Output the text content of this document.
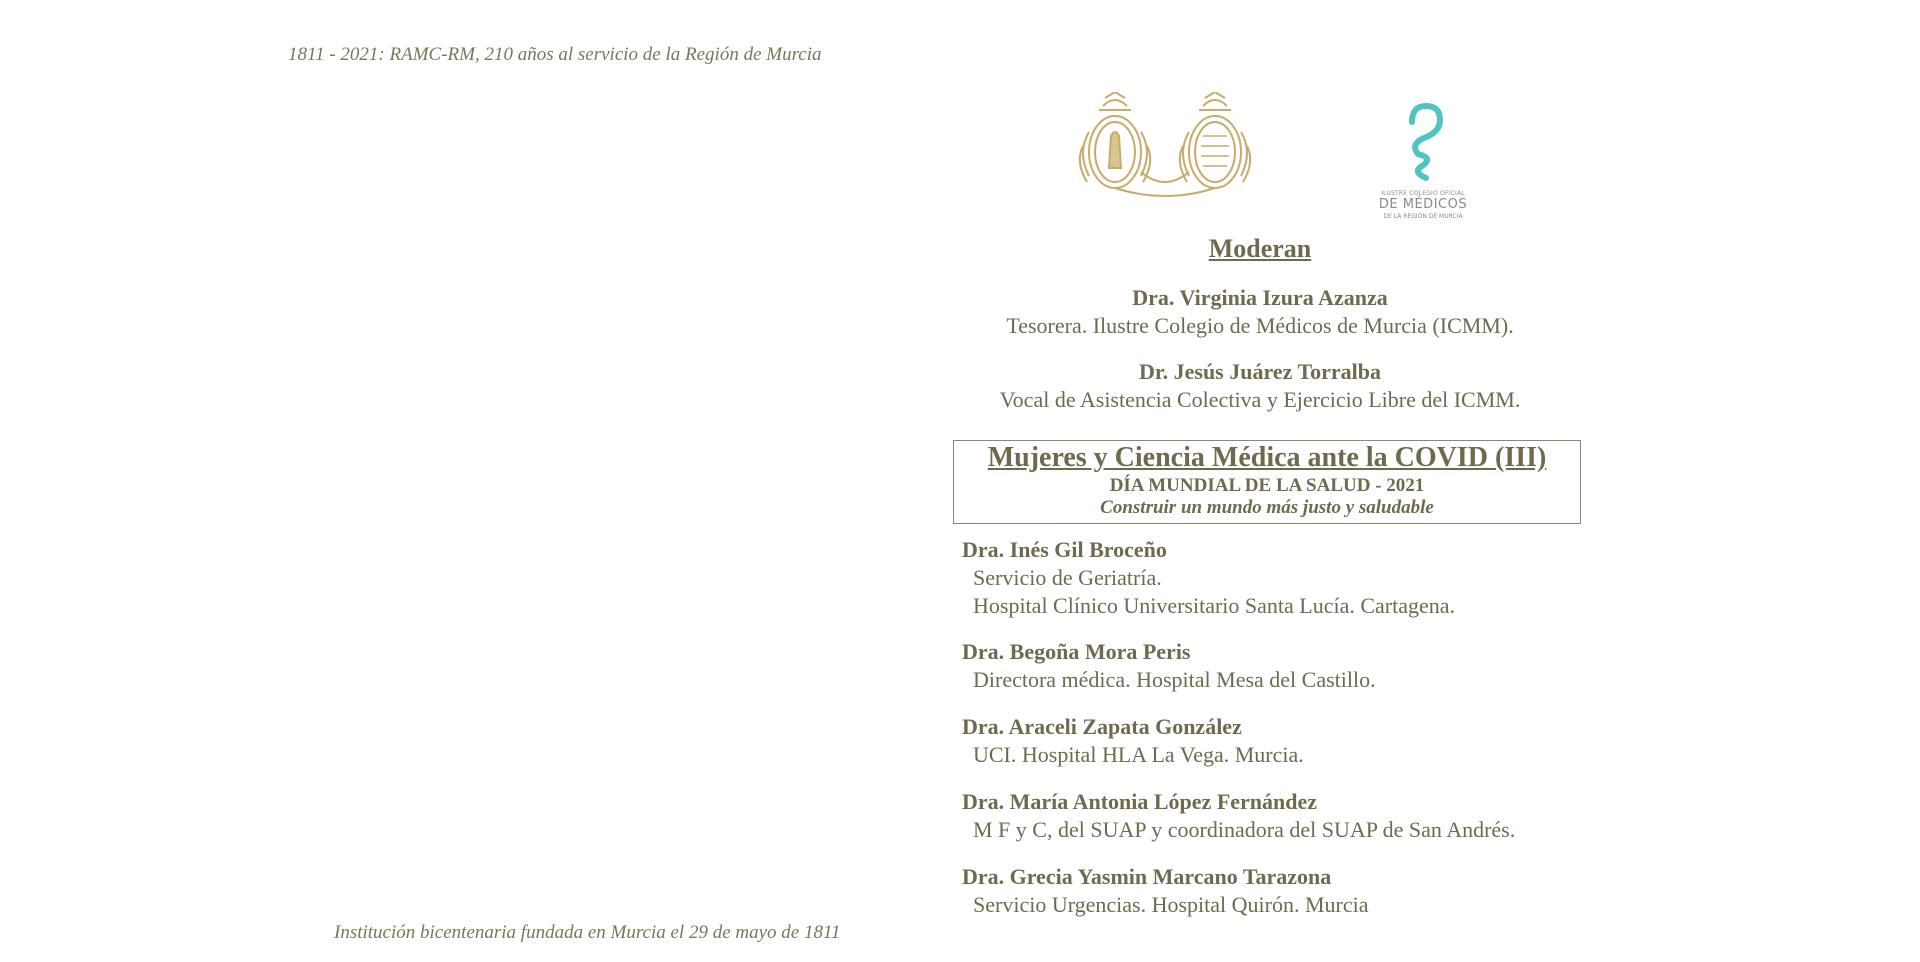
1811 - 2021: RAMC-RM, 210 años al servicio de la Región de Murcia
ILUSTRE COLEGIO OFICIAL
DE MÉDICOS
DE LA REGIÓN DE MURCIA
Moderan
Dra. Virginia Izura Azanza
Tesorera. Ilustre Colegio de Médicos de Murcia (ICMM).
Dr. Jesús Juárez Torralba
Vocal de Asistencia Colectiva y Ejercicio Libre del ICMM.
Mujeres y Ciencia Médica ante la COVID (III)
DÍA MUNDIAL DE LA SALUD - 2021
Construir un mundo más justo y saludable
Dra. Inés Gil Broceño
Servicio de Geriatría.
Hospital Clínico Universitario Santa Lucía. Cartagena.
Dra. Begoña Mora Peris
Directora médica. Hospital Mesa del Castillo.
Dra. Araceli Zapata González
UCI. Hospital HLA La Vega. Murcia.
Dra. María Antonia López Fernández
M F y C, del SUAP y coordinadora del SUAP de San Andrés.
Dra. Grecia Yasmin Marcano Tarazona
Servicio Urgencias. Hospital Quirón. Murcia
Institución bicentenaria fundada en Murcia el 29 de mayo de 1811
